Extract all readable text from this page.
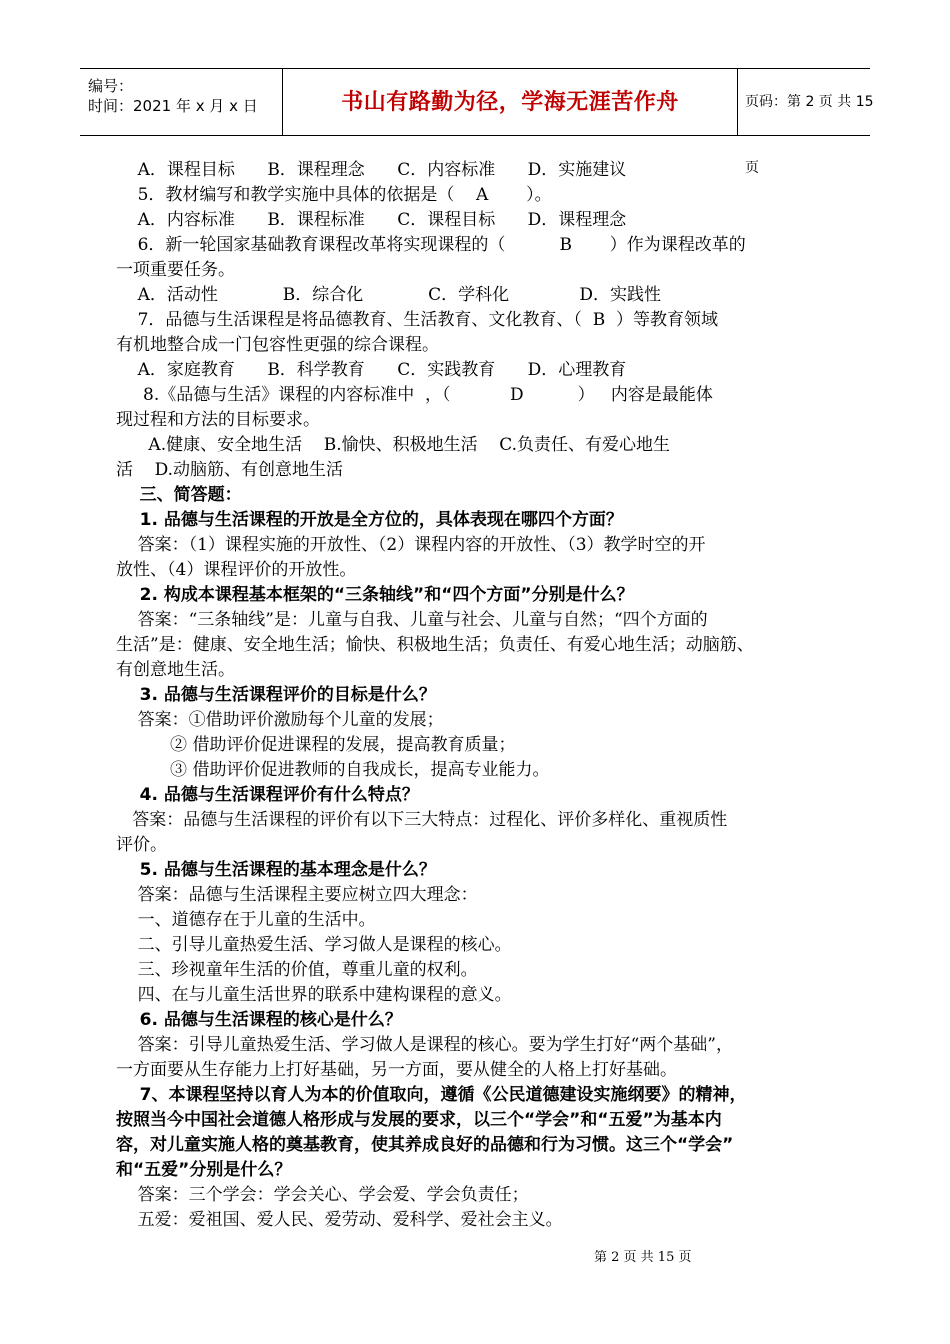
编号：
时间：2021 年 x 月 x 日	书山有路勤为径，学海无涯苦作舟	页码：第 2 页 共 15 页
A．课程目标      B．课程理念      C．内容标准      D．实施建议
5．教材编写和教学实施中具体的依据是（    A       ）。
A．内容标准      B．课程标准      C．课程目标      D．课程理念
6．新一轮国家基础教育课程改革将实现课程的（          B       ）作为课程改革的
一项重要任务。
A．活动性            B．综合化            C．学科化             D．实践性
7．品德与生活课程是将品德教育、生活教育、文化教育、（  B  ）等教育领域
有机地整合成一门包容性更强的综合课程。
A．家庭教育      B．科学教育      C．实践教育      D．心理教育
8.《品德与生活》课程的内容标准中  ，（           D          ）   内容是最能体
现过程和方法的目标要求。
A.健康、安全地生活    B.愉快、积极地生活    C.负责任、有爱心地生
活    D.动脑筋、有创意地生活
三、简答题：
1. 品德与生活课程的开放是全方位的，具体表现在哪四个方面？
答案：（1）课程实施的开放性、（2）课程内容的开放性、（3）教学时空的开
放性、（4）课程评价的开放性。
2. 构成本课程基本框架的“三条轴线”和“四个方面”分别是什么？
答案：“三条轴线”是：儿童与自我、儿童与社会、儿童与自然；“四个方面的
生活”是：健康、安全地生活；愉快、积极地生活；负责任、有爱心地生活；动脑筋、
有创意地生活。
3. 品德与生活课程评价的目标是什么？
答案：①借助评价激励每个儿童的发展；
② 借助评价促进课程的发展，提高教育质量；
③ 借助评价促进教师的自我成长，提高专业能力。
4. 品德与生活课程评价有什么特点？
答案：品德与生活课程的评价有以下三大特点：过程化、评价多样化、重视质性
评价。
5. 品德与生活课程的基本理念是什么？
答案：品德与生活课程主要应树立四大理念：
一、道德存在于儿童的生活中。
二、引导儿童热爱生活、学习做人是课程的核心。
三、珍视童年生活的价值，尊重儿童的权利。
四、在与儿童生活世界的联系中建构课程的意义。
6. 品德与生活课程的核心是什么？
答案：引导儿童热爱生活、学习做人是课程的核心。要为学生打好“两个基础”，
一方面要从生存能力上打好基础，另一方面，要从健全的人格上打好基础。
7、本课程坚持以育人为本的价值取向，遵循《公民道德建设实施纲要》的精神，
按照当今中国社会道德人格形成与发展的要求，以三个“学会”和“五爱”为基本内
容，对儿童实施人格的奠基教育，使其养成良好的品德和行为习惯。这三个“学会”
和“五爱”分别是什么？
答案：三个学会：学会关心、学会爱、学会负责任；
五爱：爱祖国、爱人民、爱劳动、爱科学、爱社会主义。
第 2 页 共 15 页
